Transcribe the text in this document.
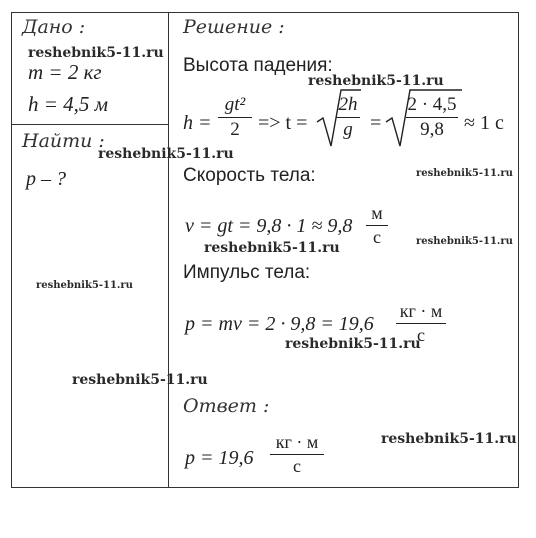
Дано :
m = 2 кг
h = 4,5 м
Найти :
p – ?
Решение :
Высота падения:
h =
gt²
2 => t =
2h
g =
2 · 4,5
9,8	≈ 1 с
Скорость тела:
v = gt = 9,8 · 1 ≈ 9,8
м
с
Импульс тела:
p = mv = 2 · 9,8 = 19,6
кг · м
с
Ответ :
p = 19,6
кг · м
с
reshebnik5-11.ru
reshebnik5-11.ru
reshebnik5-11.ru
reshebnik5-11.ru
reshebnik5-11.ru	reshebnik5-11.ru
reshebnik5-11.ru
reshebnik5-11.ru
reshebnik5-11.ru
reshebnik5-11.ru
